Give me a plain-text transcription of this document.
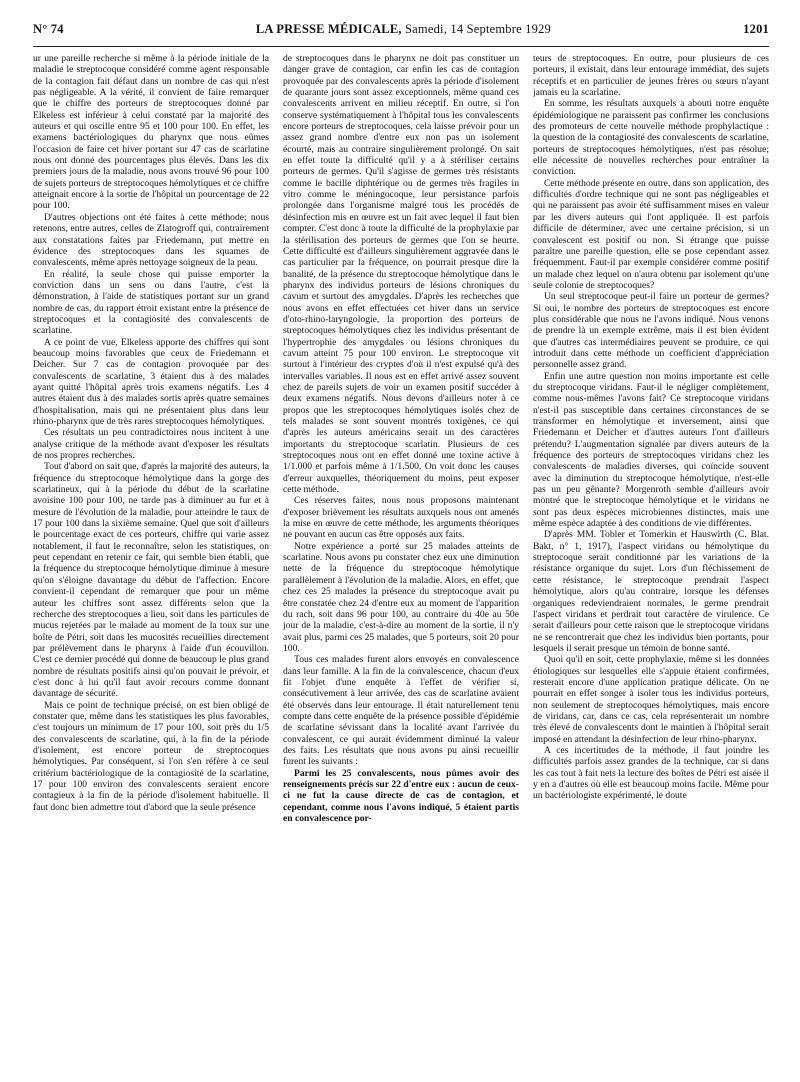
N° 74	LA PRESSE MÉDICALE, Samedi, 14 Septembre 1929	1201

ur une pareille recherche si même à la période initiale de la maladie le streptocoque considéré comme agent responsable de la contagion fait défaut dans un nombre de cas qui n'est pas négligeable. A la vérité, il convient de faire remarquer que le chiffre des porteurs de streptocoques donné par Elkeless est inférieur à celui constaté par la majorité des auteurs et qui oscille entre 95 et 100 pour 100. En effet, les examens bactériologiques du pharynx que nous eûmes l'occasion de faire cet hiver portant sur 47 cas de scarlatine nous ont donné des pourcentages plus élevés. Dans les dix premiers jours de la maladie, nous avons trouvé 96 pour 100 de sujets porteurs de streptocoques hémolytiques et ce chiffre atteignait encore à la sortie de l'hôpital un pourcentage de 22 pour 100.

D'autres objections ont été faites à cette méthode; nous retenons, entre autres, celles de Zlatogroff qui, contrairement aux constatations faites par Friedemann, put mettre en évidence des streptocoques dans les squames de convalescents, même après nettoyage soigneux de la peau.

En réalité, la seule chose qui puisse emporter la conviction dans un sens ou dans l'autre, c'est la démonstration, à l'aide de statistiques portant sur un grand nombre de cas, du rapport étroit existant entre la présence de streptocoques et la contagiosité des convalescents de scarlatine.

A ce point de vue, Elkeless apporte des chiffres qui sont beaucoup moins favorables que ceux de Friedemann et Deicher. Sur 7 cas de contagion provoquée par des convalescents de scarlatine, 3 étaient dus à des malades ayant quitté l'hôpital après trois examens négatifs. Les 4 autres étaient dus à des malades sortis après quatre semaines d'hospitalisation, mais qui ne présentaient plus dans leur rhino-pharynx que de très rares streptocoques hémolytiques.

Ces résultats un peu contradictoires nous incitent à une analyse critique de la méthode avant d'exposer les résultats de nos propres recherches.

Tout d'abord on sait que, d'après la majorité des auteurs, la fréquence du streptocoque hémolytique dans la gorge des scarlatineux, qui à la période du début de la scarlatine avoisine 100 pour 100, ne tarde pas à diminuer au fur et à mesure de l'évolution de la maladie, pour atteindre le taux de 17 pour 100 dans la sixième semaine. Quel que soit d'ailleurs le pourcentage exact de ces porteurs, chiffre qui varie assez notablement, il faut le reconnaître, selon les statistiques, on peut cependant en retenir ce fait, qui semble bien établi, que la fréquence du streptocoque hémolytique diminue à mesure qu'on s'éloigne davantage du début de l'affection. Encore convient-il cependant de remarquer que pour un même auteur les chiffres sont assez différents selon que la recherche des streptocoques a lieu, soit dans les particules de mucus rejetées par le malade au moment de la toux sur une boîte de Pétri, soit dans les mucosités recueillies directement par prélèvement dans le pharynx à l'aide d'un écouvillon. C'est ce dernier procédé qui donne de beaucoup le plus grand nombre de résultats positifs ainsi qu'on pouvait le prévoir, et c'est donc à lui qu'il faut avoir recours comme donnant davantage de sécurité.

Mais ce point de technique précisé, on est bien obligé de constater que, même dans les statistiques les plus favorables, c'est toujours un minimum de 17 pour 100, soit près du 1/5 des convalescents de scarlatine, qui, à la fin de la période d'isolement, est encore porteur de streptocoques hémolytiques. Par conséquent, si l'on s'en réfère à ce seul critérium bactériologique de la contagiosité de la scarlatine, 17 pour 100 environ des convalescents seraient encore contagieux à la fin de la période d'isolement habituelle. Il faut donc bien admettre tout d'abord que la seule présence

de streptocoques dans le pharynx ne doit pas constituer un danger grave de contagion, car enfin les cas de contagion provoquée par des convalescents après la période d'isolement de quarante jours sont assez exceptionnels, même quand ces convalescents arrivent en milieu réceptif. En outre, si l'on conserve systématiquement à l'hôpital tous les convalescents encore porteurs de streptocoques, cela laisse prévoir pour un assez grand nombre d'entre eux non pas un isolement écourté, mais au contraire singulièrement prolongé. On sait en effet toute la difficulté qu'il y a à stériliser certains porteurs de germes. Qu'il s'agisse de germes très résistants comme le bacille diphtérique ou de germes très fragiles in vitro comme le méningocoque, leur persistance parfois prolongée dans l'organisme malgré tous les procédés de désinfection mis en œuvre est un fait avec lequel il faut bien compter. C'est donc à toute la difficulté de la prophylaxie par la stérilisation des porteurs de germes que l'on se heurte. Cette difficulté est d'ailleurs singulièrement aggravée dans le cas particulier par la fréquence, on pourrait presque dire la banalité, de la présence du streptocoque hémolytique dans le pharynx des individus porteurs de lésions chroniques du cavum et surtout des amygdales. D'après les recherches que nous avons en effet effectuées cet hiver dans un service d'oto-rhino-laryngologie, la proportion des porteurs de streptocoques hémolytiques chez les individus présentant de l'hypertrophie des amygdales ou lésions chroniques du cavum atteint 75 pour 100 environ. Le streptocoque vit surtout à l'intérieur des cryptes d'où il n'est expulsé qu'à des intervalles variables. Il nous est en effet arrivé assez souvent chez de pareils sujets de voir un examen positif succéder à deux examens négatifs. Nous devons d'ailleurs noter à ce propos que les streptocoques hémolytiques isolés chez de tels malades se sont souvent montrés toxigènes, ce qui d'après les auteurs américains serait un des caractères importants du streptocoque scarlatin. Plusieurs de ces streptocoques nous ont en effet donné une toxine active à 1/1.000 et parfois même à 1/1.500. On voit donc les causes d'erreur auxquelles, théoriquement du moins, peut exposer cette méthode.

Ces réserves faites, nous nous proposons maintenant d'exposer brièvement les résultats auxquels nous ont amenés la mise en œuvre de cette méthode, les arguments théoriques ne pouvant en aucun cas être opposés aux faits.

Notre expérience a porté sur 25 malades atteints de scarlatine. Nous avons pu constater chez eux une diminution nette de la fréquence du streptocoque hémolytique parallèlement à l'évolution de la maladie. Alors, en effet, que chez ces 25 malades la présence du streptocoque avait pu être constatée chez 24 d'entre eux au moment de l'apparition du rach, soit dans 96 pour 100, au contraire du 40e au 50e jour de la maladie, c'est-à-dire au moment de la sortie, il n'y avait plus, parmi ces 25 malades, que 5 porteurs, soit 20 pour 100.

Tous ces malades furent alors envoyés en convalescence dans leur famille. A la fin de la convalescence, chacun d'eux fit l'objet d'une enquête à l'effet de vérifier si, consécutivement à leur arrivée, des cas de scarlatine avaient été observés dans leur entourage. Il était naturellement tenu compte dans cette enquête de la présence possible d'épidémie de scarlatine sévissant dans la localité avant l'arrivée du convalescent, ce qui aurait évidemment diminué la valeur des faits. Les résultats que nous avons pu ainsi recueillir furent les suivants :

Parmi les 25 convalescents, nous pûmes avoir des renseignements précis sur 22 d'entre eux : aucun de ceux-ci ne fut la cause directe de cas de contagion, et cependant, comme nous l'avons indiqué, 5 étaient partis en convalescence por-

teurs de streptocoques. En outre, pour plusieurs de ces porteurs, il existait, dans leur entourage immédiat, des sujets réceptifs et en particulier de jeunes frères ou sœurs n'ayant jamais eu la scarlatine.

En somme, les résultats auxquels a abouti notre enquête épidémiologique ne paraissent pas confirmer les conclusions des promoteurs de cette nouvelle méthode prophylactique : la question de la contagiosité des convalescents de scarlatine, porteurs de streptocoques hémolytiques, n'est pas résolue; elle nécessite de nouvelles recherches pour entraîner la conviction.

Cette méthode présente en outre, dans son application, des difficultés d'ordre technique qui ne sont pas négligeables et qui ne paraissent pas avoir été suffisamment mises en valeur par les divers auteurs qui l'ont appliquée. Il est parfois difficile de déterminer, avec une certaine précision, si un convalescent est positif ou non. Si étrange que puisse paraître une pareille question, elle se pose cependant assez fréquemment. Faut-il par exemple considérer comme positif un malade chez lequel on n'aura obtenu par isolement qu'une seule colonie de streptocoques?

Un seul streptocoque peut-il faire un porteur de germes? Si oui, le nombre des porteurs de streptocoques est encore plus considérable que nous ne l'avons indiqué. Nous venons de prendre là un exemple extrême, mais il est bien évident que d'autres cas intermédiaires peuvent se produire, ce qui introduit dans cette méthode un coefficient d'appréciation personnelle assez grand.

Enfin une autre question non moins importante est celle du streptocoque viridans. Faut-il le négliger complètement, comme nous-mêmes l'avons fait? Ce streptocoque viridans n'est-il pas susceptible dans certaines circonstances de se transformer en hémolytique et inversement, ainsi que Friedemann et Deicher et d'autres auteurs l'ont d'ailleurs prétendu? L'augmentation signalée par divers auteurs de la fréquence des porteurs de streptocoques viridans chez les convalescents de maladies diverses, qui coïncide souvent avec la diminution du streptocoque hémolytique, n'est-elle pas un peu gênante? Morgenroth semble d'ailleurs avoir montré que le streptocoque hémolytique et le viridans ne sont pas deux espèces microbiennes distinctes, mais une même espèce adaptée à des conditions de vie différentes.

D'après MM. Tobler et Tomerkin et Hauswirth (C. Blat. Bakt, n° 1, 1917), l'aspect viridans ou hémolytique du streptocoque serait conditionné par les variations de la résistance organique du sujet. Lors d'un fléchissement de cette résistance, le streptocoque prendrait l'aspect hémolytique, alors qu'au contraire, lorsque les défenses organiques redeviendraient normales, le germe prendrait l'aspect viridans et perdrait tout caractère de virulence. Ce serait d'ailleurs pour cette raison que le streptocoque viridans ne se rencontrerait que chez les individus bien portants, pour lesquels il serait presque un témoin de bonne santé.

Quoi qu'il en soit, cette prophylaxie, même si les données étiologiques sur lesquelles elle s'appuie étaient confirmées, resterait encore d'une application pratique délicate. On ne pourrait en effet songer à isoler tous les individus porteurs, non seulement de streptocoques hémolytiques, mais encore de viridans, car, dans ce cas, cela représenterait un nombre très élevé de convalescents dont le maintien à l'hôpital serait imposé en attendant la désinfection de leur rhino-pharynx.

A ces incertitudes de la méthode, il faut joindre les difficultés parfois assez grandes de la technique, car si dans les cas tout à fait nets la lecture des boîtes de Pétri est aisée il y en a d'autres où elle est beaucoup moins facile. Même pour un bactériologiste expérimenté, le doute
